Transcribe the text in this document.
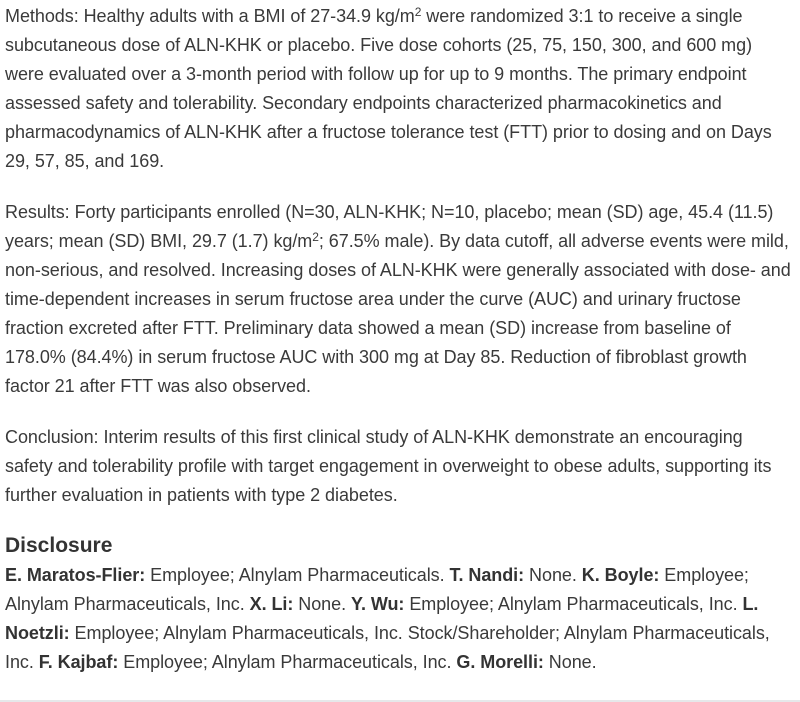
Methods: Healthy adults with a BMI of 27-34.9 $kg/m^2$ were randomized 3:1 to receive a single subcutaneous dose of ALN-KHK or placebo. Five dose cohorts (25, 75, 150, 300, and 600 mg) were evaluated over a 3-month period with follow up for up to 9 months. The primary endpoint assessed safety and tolerability. Secondary endpoints characterized pharmacokinetics and pharmacodynamics of ALN-KHK after a fructose tolerance test (FTT) prior to dosing and on Days 29, 57, 85, and 169.

Results: Forty participants enrolled (N=30, ALN-KHK; N=10, placebo; mean (SD) age, 45.4 (11.5) years; mean (SD) BMI, 29.7 (1.7) $kg/m^2$; 67.5% male). By data cutoff, all adverse events were mild, non-serious, and resolved. Increasing doses of ALN-KHK were generally associated with dose- and time-dependent increases in serum fructose area under the curve (AUC) and urinary fructose fraction excreted after FTT. Preliminary data showed a mean (SD) increase from baseline of 178.0% (84.4%) in serum fructose AUC with 300 mg at Day 85. Reduction of fibroblast growth factor 21 after FTT was also observed.

Conclusion: Interim results of this first clinical study of ALN-KHK demonstrate an encouraging safety and tolerability profile with target engagement in overweight to obese adults, supporting its further evaluation in patients with type 2 diabetes.

Disclosure

E. Maratos-Flier: Employee; Alnylam Pharmaceuticals. T. Nandi: None. K. Boyle: Employee; Alnylam Pharmaceuticals, Inc. X. Li: None. Y. Wu: Employee; Alnylam Pharmaceuticals, Inc. L. Noetzli: Employee; Alnylam Pharmaceuticals, Inc. Stock/Shareholder; Alnylam Pharmaceuticals, Inc. F. Kajbaf: Employee; Alnylam Pharmaceuticals, Inc. G. Morelli: None.
